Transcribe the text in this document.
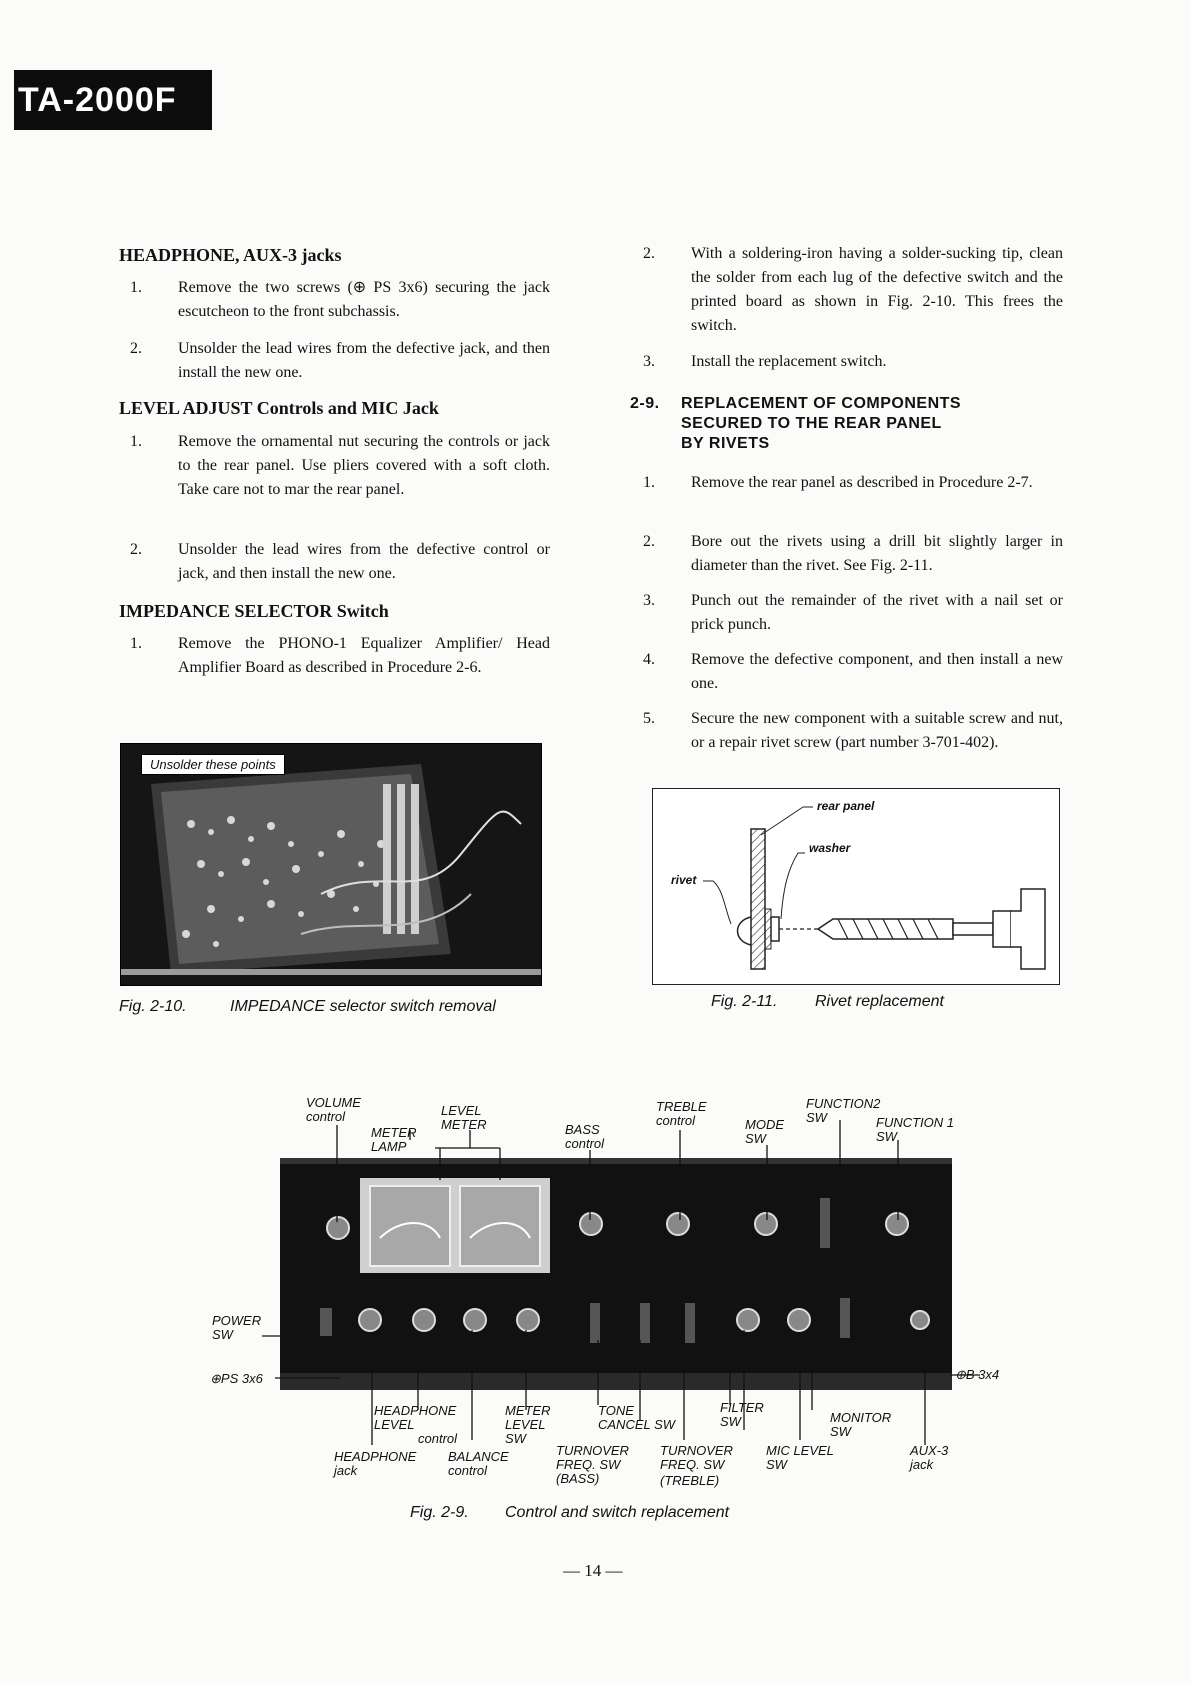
TA-2000F
HEADPHONE, AUX-3 jacks
1. Remove the two screws (⊕ PS 3x6) securing the jack escutcheon to the front subchassis.
2. Unsolder the lead wires from the defective jack, and then install the new one.
LEVEL ADJUST Controls and MIC Jack
1. Remove the ornamental nut securing the controls or jack to the rear panel. Use pliers covered with a soft cloth. Take care not to mar the rear panel.
2. Unsolder the lead wires from the defective control or jack, and then install the new one.
IMPEDANCE SELECTOR Switch
1. Remove the PHONO-1 Equalizer Amplifier/ Head Amplifier Board as described in Procedure 2-6.
Unsolder these points
Fig. 2-10.	IMPEDANCE selector switch removal
2. With a soldering-iron having a solder-sucking tip, clean the solder from each lug of the defective switch and the printed board as shown in Fig. 2-10. This frees the switch.
3. Install the replacement switch.
2-9. REPLACEMENT OF COMPONENTS
SECURED TO THE REAR PANEL
BY RIVETS
1. Remove the rear panel as described in Procedure 2-7.
2. Bore out the rivets using a drill bit slightly larger in diameter than the rivet. See Fig. 2-11.
3. Punch out the remainder of the rivet with a nail set or prick punch.
4. Remove the defective component, and then install a new one.
5. Secure the new component with a suitable screw and nut, or a repair rivet screw (part number 3-701-402).
rear panel
washer
rivet
Fig. 2-11. Rivet replacement
VOLUME
control	LEVEL
METER
METER
LAMP
BASS
control
TREBLE
control	MODE
SW
FUNCTION2
SW	FUNCTION 1
SW
POWER
SW
⊕PS 3x6	⊕B 3x4
HEADPHONE
LEVEL
control
METER
LEVEL
SW
TONE
CANCEL SW
FILTER
SW	MONITOR
SW
HEADPHONE
jack
BALANCE
control
TURNOVER
FREQ. SW
(BASS)
TURNOVER
FREQ. SW
(TREBLE)
MIC LEVEL
SW
AUX-3
jack
Fig. 2-9. Control and switch replacement
— 14 —
